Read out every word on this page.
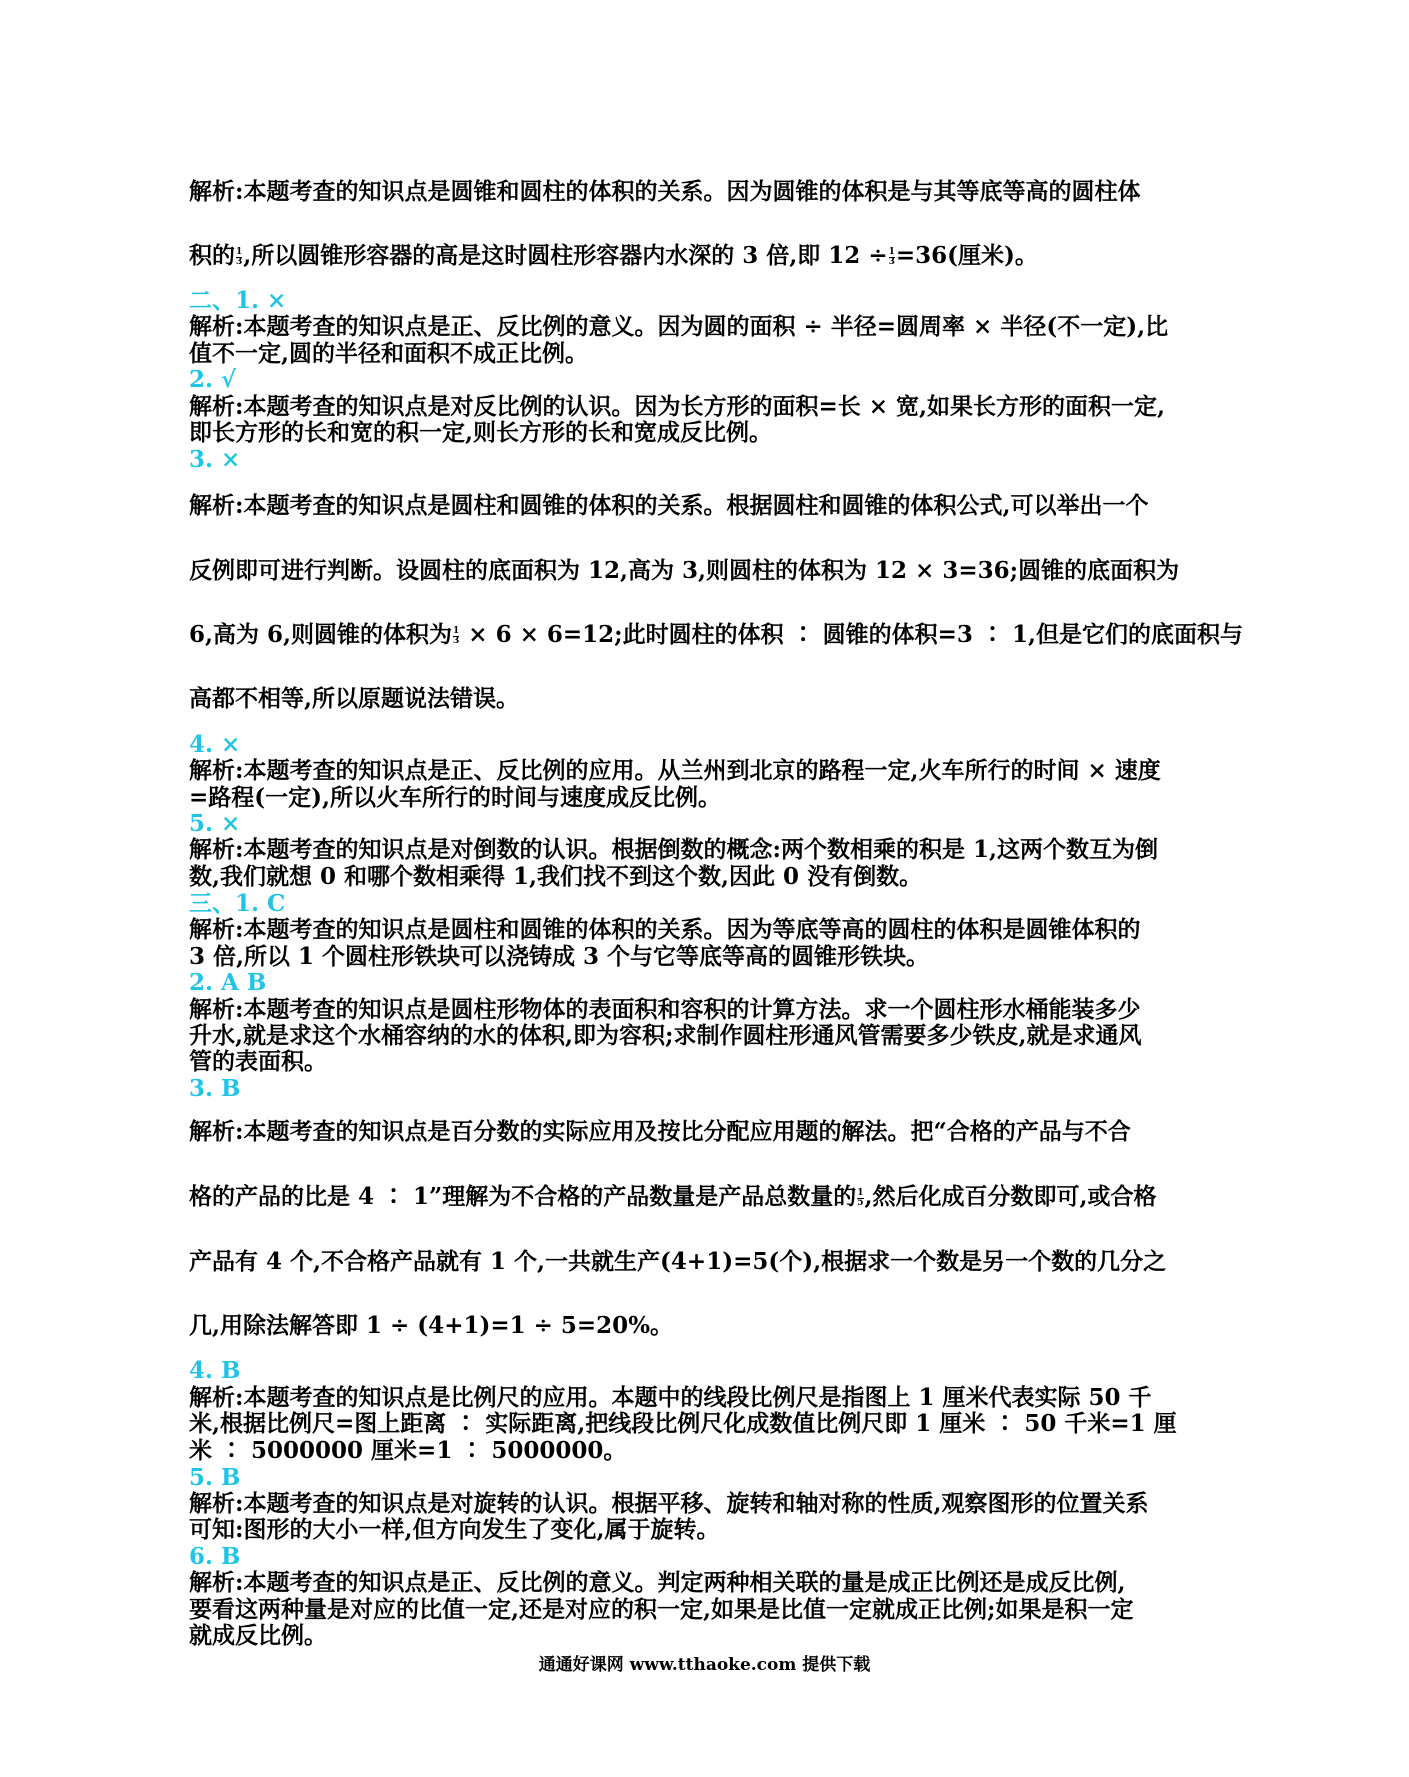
解析:本题考查的知识点是圆锥和圆柱的体积的关系。因为圆锥的体积是与其等底等高的圆柱体
积的 $\frac{1}{3}$ ,所以圆锥形容器的高是这时圆柱形容器内水深的 3 倍,即 $12 \div \frac{1}{3} =36$(厘米)。
二、1. ×
解析:本题考查的知识点是正、反比例的意义。因为圆的面积 ÷ 半径=圆周率 × 半径(不一定),比
值不一定,圆的半径和面积不成正比例。
2. √
解析:本题考查的知识点是对反比例的认识。因为长方形的面积=长 × 宽,如果长方形的面积一定,
即长方形的长和宽的积一定,则长方形的长和宽成反比例。
3. ×
解析:本题考查的知识点是圆柱和圆锥的体积的关系。根据圆柱和圆锥的体积公式,可以举出一个
反例即可进行判断。设圆柱的底面积为 12,高为 3,则圆柱的体积为 12 × 3=36;圆锥的底面积为
6,高为 6,则圆锥的体积为 $\frac{1}{3} \times 6 \times 6=12$;此时圆柱的体积 ∶ 圆锥的体积=3 ∶ 1,但是它们的底面积与
高都不相等,所以原题说法错误。
4. ×
解析:本题考查的知识点是正、反比例的应用。从兰州到北京的路程一定,火车所行的时间 × 速度
=路程(一定),所以火车所行的时间与速度成反比例。
5. ×
解析:本题考查的知识点是对倒数的认识。根据倒数的概念:两个数相乘的积是 1,这两个数互为倒
数,我们就想 0 和哪个数相乘得 1,我们找不到这个数,因此 0 没有倒数。
三、1. C
解析:本题考查的知识点是圆柱和圆锥的体积的关系。因为等底等高的圆柱的体积是圆锥体积的
3 倍,所以 1 个圆柱形铁块可以浇铸成 3 个与它等底等高的圆锥形铁块。
2. A B
解析:本题考查的知识点是圆柱形物体的表面积和容积的计算方法。求一个圆柱形水桶能装多少
升水,就是求这个水桶容纳的水的体积,即为容积;求制作圆柱形通风管需要多少铁皮,就是求通风
管的表面积。
3. B
解析:本题考查的知识点是百分数的实际应用及按比分配应用题的解法。把“合格的产品与不合
格的产品的比是 4 ∶ 1”理解为不合格的产品数量是产品总数量的 $\frac{1}{5}$ ,然后化成百分数即可,或合格
产品有 4 个,不合格产品就有 1 个,一共就生产(4+1)=5(个),根据求一个数是另一个数的几分之
几,用除法解答即 1 ÷ (4+1)=1 ÷ 5=20%。
4. B
解析:本题考查的知识点是比例尺的应用。本题中的线段比例尺是指图上 1 厘米代表实际 50 千
米,根据比例尺=图上距离 ∶ 实际距离,把线段比例尺化成数值比例尺即 1 厘米 ∶ 50 千米=1 厘
米 ∶ 5000000 厘米=1 ∶ 5000000。
5. B
解析:本题考查的知识点是对旋转的认识。根据平移、旋转和轴对称的性质,观察图形的位置关系
可知:图形的大小一样,但方向发生了变化,属于旋转。
6. B
解析:本题考查的知识点是正、反比例的意义。判定两种相关联的量是成正比例还是成反比例,
要看这两种量是对应的比值一定,还是对应的积一定,如果是比值一定就成正比例;如果是积一定
就成反比例。
通通好课网 www.tthaoke.com 提供下载
